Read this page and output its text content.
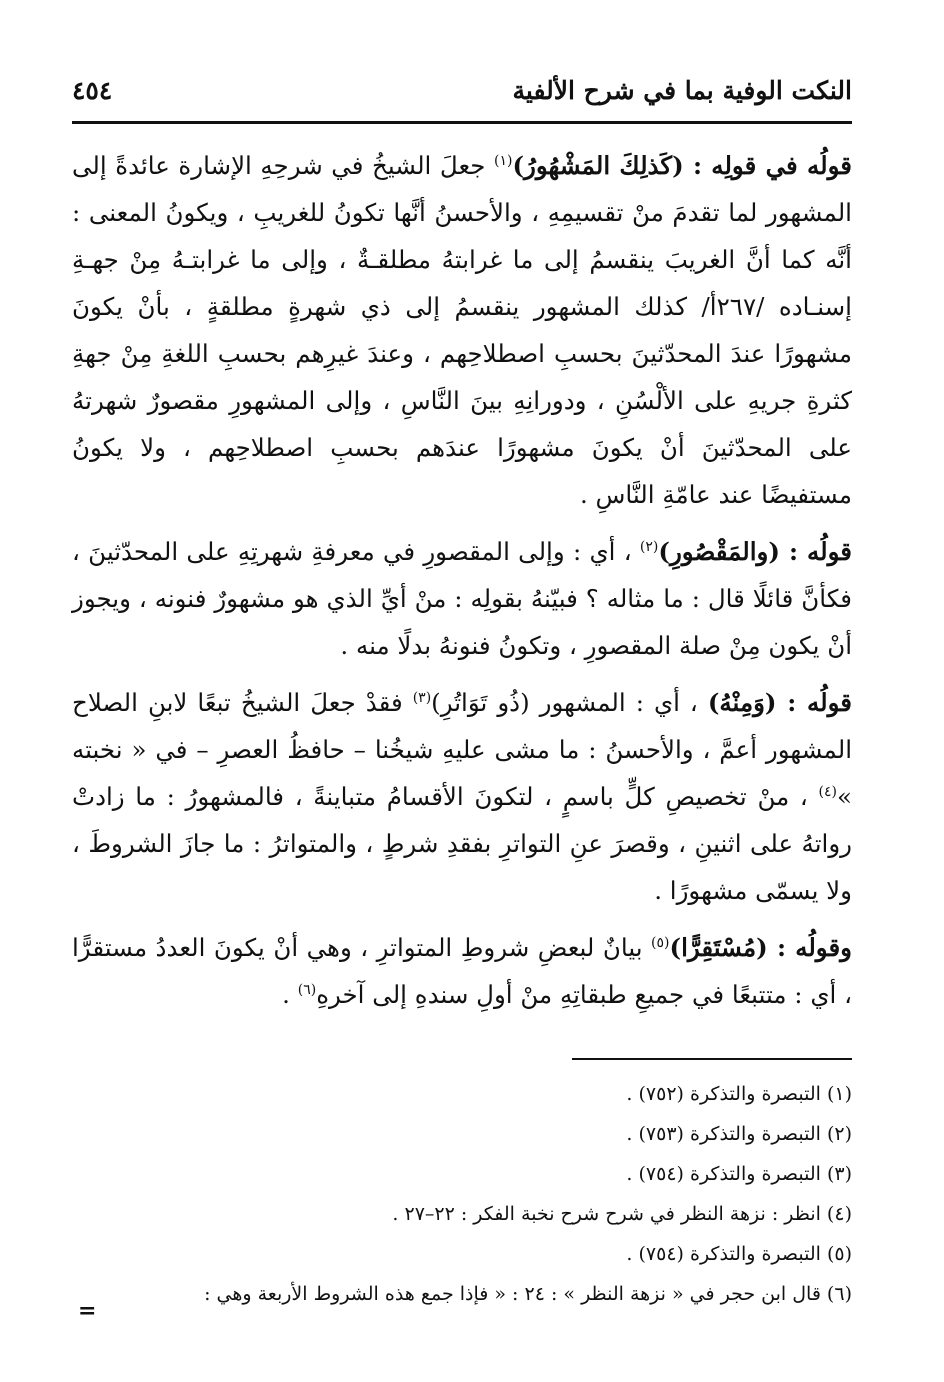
النكت الوفية بما في شرح الألفية
٤٥٤

قولُه في قولِه : (كَذلِكَ المَشْهُورُ)$^{(١)}$ جعلَ الشيخُ في شرحِهِ الإشارة عائدةً إلى المشهور لما تقدمَ منْ تقسيمِهِ ، والأحسنُ أنَّها تكونُ للغريبِ ، ويكونُ المعنى : أنَّه كما أنَّ الغريبَ ينقسمُ إلى ما غرابتهُ مطلقـةٌ ، وإلى ما غرابتـهُ مِنْ جهـةِ إسنـاده /٢٦٧أ/ كذلك المشهور ينقسمُ إلى ذي شهرةٍ مطلقةٍ ، بأنْ يكونَ مشهورًا عندَ المحدّثينَ بحسبِ اصطلاحِهم ، وعندَ غيرِهم بحسبِ اللغةِ مِنْ جهةِ كثرةِ جريهِ على الألْسُنِ ، ودورانِهِ بينَ النَّاسِ ، وإلى المشهورِ مقصورٌ شهرتهُ على المحدّثينَ أنْ يكونَ مشهورًا عندَهم بحسبِ اصطلاحِهم ، ولا يكونُ مستفيضًا عند عامّةِ النَّاسِ .

قولُه : (والمَقْصُورِ)$^{(٢)}$ ، أي : وإلى المقصورِ في معرفةِ شهرتِهِ على المحدّثينَ ، فكأنَّ قائلًا قال : ما مثاله ؟ فبيّنهُ بقولِه : منْ أيِّ الذي هو مشهورٌ فنونه ، ويجوز أنْ يكون مِنْ صلة المقصورِ ، وتكونُ فنونهُ بدلًا منه .

قولُه : (وَمِنْهُ) ، أي : المشهور (ذُو تَوَاتُرِ)$^{(٣)}$ فقدْ جعلَ الشيخُ تبعًا لابنِ الصلاح المشهور أعمَّ ، والأحسنُ : ما مشى عليهِ شيخُنا – حافظُ العصرِ – في « نخبته »$^{(٤)}$ ، منْ تخصيصِ كلٍّ باسمٍ ، لتكونَ الأقسامُ متباينةً ، فالمشهورُ : ما زادتْ رواتهُ على اثنينِ ، وقصرَ عنِ التواترِ بفقدِ شرطٍ ، والمتواترُ : ما جازَ الشروطَ ، ولا يسمّى مشهورًا .

وقولُه : (مُسْتَقِرًّا)$^{(٥)}$ بيانٌ لبعضِ شروطِ المتواترِ ، وهي أنْ يكونَ العددُ مستقرًّا ، أي : متتبعًا في جميعِ طبقاتِهِ منْ أولِ سندهِ إلى آخرهِ$^{(٦)}$ .

(١) التبصرة والتذكرة (٧٥٢) .

(٢) التبصرة والتذكرة (٧٥٣) .

(٣) التبصرة والتذكرة (٧٥٤) .

(٤) انظر : نزهة النظر في شرح شرح نخبة الفكر : ٢٢–٢٧ .

(٥) التبصرة والتذكرة (٧٥٤) .

(٦) قال ابن حجر في « نزهة النظر » : ٢٤ : « فإذا جمع هذه الشروط الأربعة وهي :

=
